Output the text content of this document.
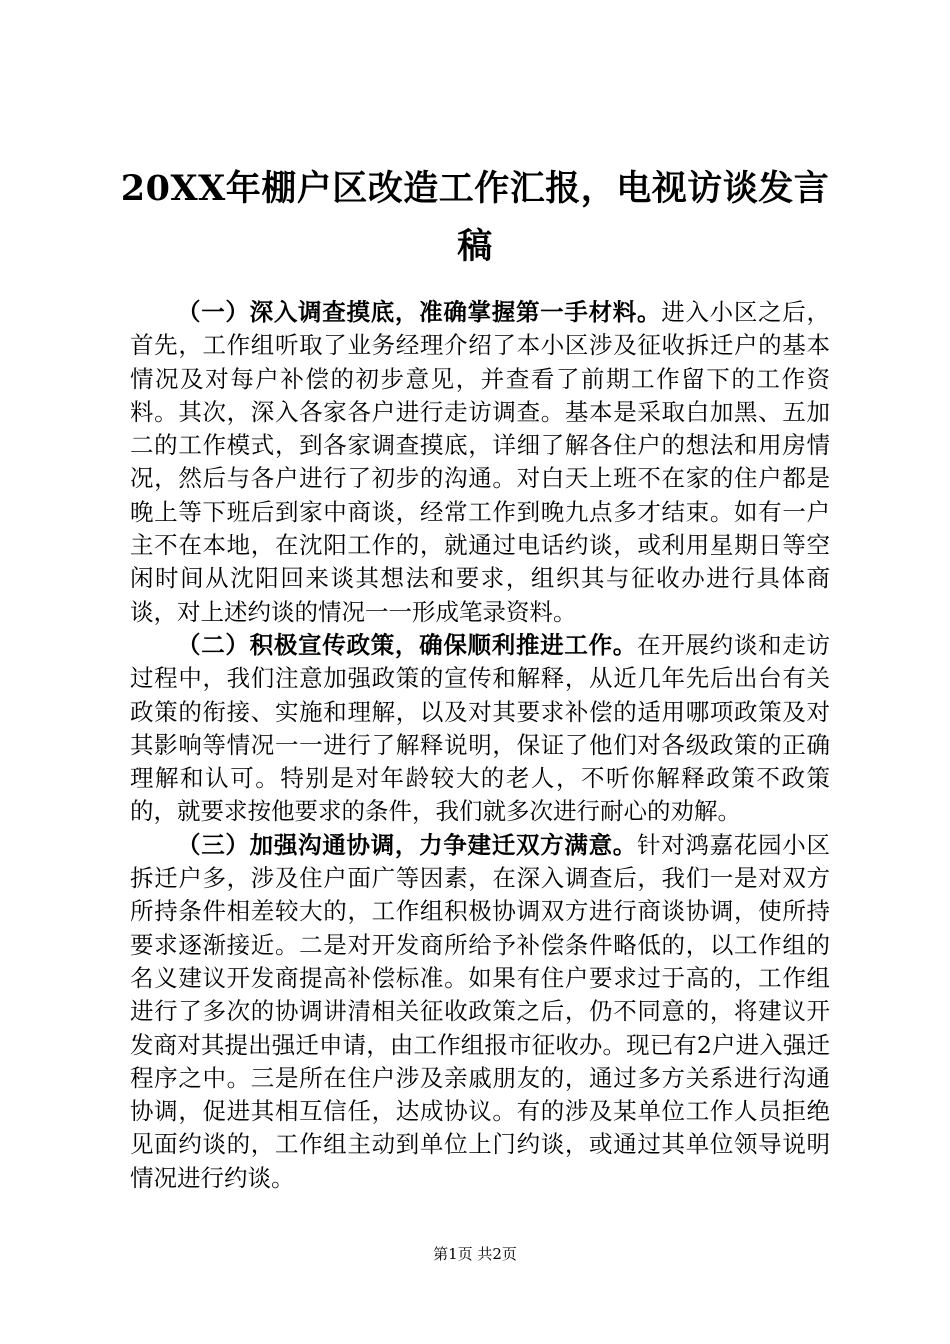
20XX年棚户区改造工作汇报，电视访谈发言稿

（一）深入调查摸底，准确掌握第一手材料。进入小区之后，首先，工作组听取了业务经理介绍了本小区涉及征收拆迁户的基本情况及对每户补偿的初步意见，并查看了前期工作留下的工作资料。其次，深入各家各户进行走访调查。基本是采取白加黑、五加二的工作模式，到各家调查摸底，详细了解各住户的想法和用房情况，然后与各户进行了初步的沟通。对白天上班不在家的住户都是晚上等下班后到家中商谈，经常工作到晚九点多才结束。如有一户主不在本地，在沈阳工作的，就通过电话约谈，或利用星期日等空闲时间从沈阳回来谈其想法和要求，组织其与征收办进行具体商谈，对上述约谈的情况一一形成笔录资料。

（二）积极宣传政策，确保顺利推进工作。在开展约谈和走访过程中，我们注意加强政策的宣传和解释，从近几年先后出台有关政策的衔接、实施和理解，以及对其要求补偿的适用哪项政策及对其影响等情况一一进行了解释说明，保证了他们对各级政策的正确理解和认可。特别是对年龄较大的老人，不听你解释政策不政策的，就要求按他要求的条件，我们就多次进行耐心的劝解。

（三）加强沟通协调，力争建迁双方满意。针对鸿嘉花园小区拆迁户多，涉及住户面广等因素，在深入调查后，我们一是对双方所持条件相差较大的，工作组积极协调双方进行商谈协调，使所持要求逐渐接近。二是对开发商所给予补偿条件略低的，以工作组的名义建议开发商提高补偿标准。如果有住户要求过于高的，工作组进行了多次的协调讲清相关征收政策之后，仍不同意的，将建议开发商对其提出强迁申请，由工作组报市征收办。现已有2户进入强迁程序之中。三是所在住户涉及亲戚朋友的，通过多方关系进行沟通协调，促进其相互信任，达成协议。有的涉及某单位工作人员拒绝见面约谈的，工作组主动到单位上门约谈，或通过其单位领导说明情况进行约谈。

第1页 共2页
